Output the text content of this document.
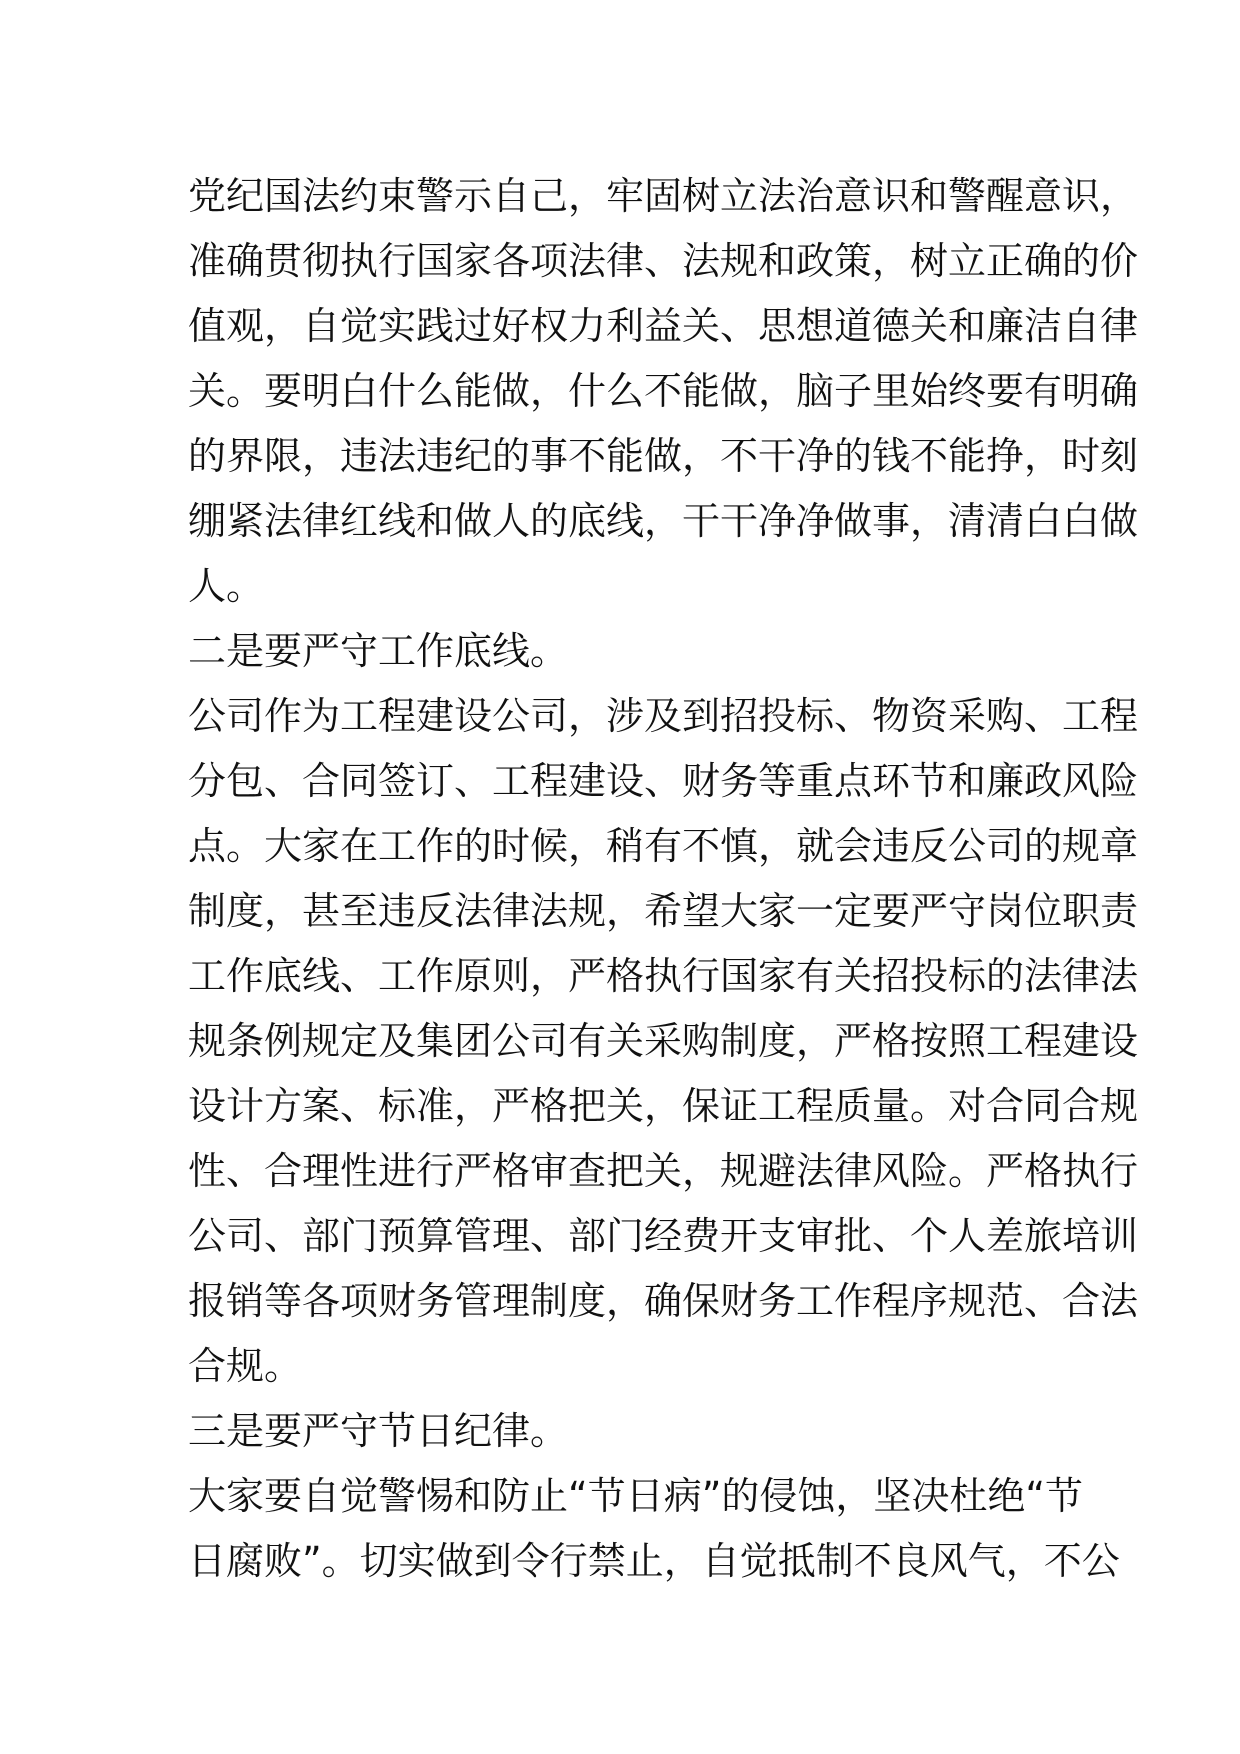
党纪国法约束警示自己，牢固树立法治意识和警醒意识，
准确贯彻执行国家各项法律、法规和政策，树立正确的价
值观，自觉实践过好权力利益关、思想道德关和廉洁自律
关。要明白什么能做，什么不能做，脑子里始终要有明确
的界限，违法违纪的事不能做，不干净的钱不能挣，时刻
绷紧法律红线和做人的底线，干干净净做事，清清白白做
人。
二是要严守工作底线。
公司作为工程建设公司，涉及到招投标、物资采购、工程
分包、合同签订、工程建设、财务等重点环节和廉政风险
点。大家在工作的时候，稍有不慎，就会违反公司的规章
制度，甚至违反法律法规，希望大家一定要严守岗位职责
工作底线、工作原则，严格执行国家有关招投标的法律法
规条例规定及集团公司有关采购制度，严格按照工程建设
设计方案、标准，严格把关，保证工程质量。对合同合规
性、合理性进行严格审查把关，规避法律风险。严格执行
公司、部门预算管理、部门经费开支审批、个人差旅培训
报销等各项财务管理制度，确保财务工作程序规范、合法
合规。
三是要严守节日纪律。
大家要自觉警惕和防止“节日病”的侵蚀，坚决杜绝“节
日腐败”。切实做到令行禁止，自觉抵制不良风气，不公
